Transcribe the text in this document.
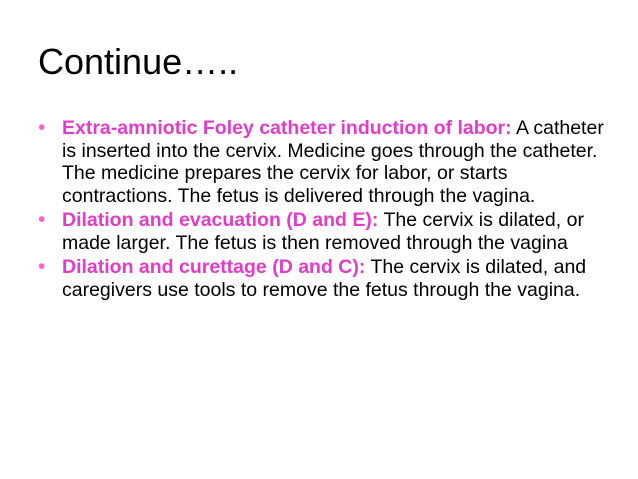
Continue…..
• Extra-amniotic Foley catheter induction of labor: A catheter is inserted into the cervix. Medicine goes through the catheter. The medicine prepares the cervix for labor, or starts contractions. The fetus is delivered through the vagina.
• Dilation and evacuation (D and E): The cervix is dilated, or made larger. The fetus is then removed through the vagina
• Dilation and curettage (D and C): The cervix is dilated, and caregivers use tools to remove the fetus through the vagina.
